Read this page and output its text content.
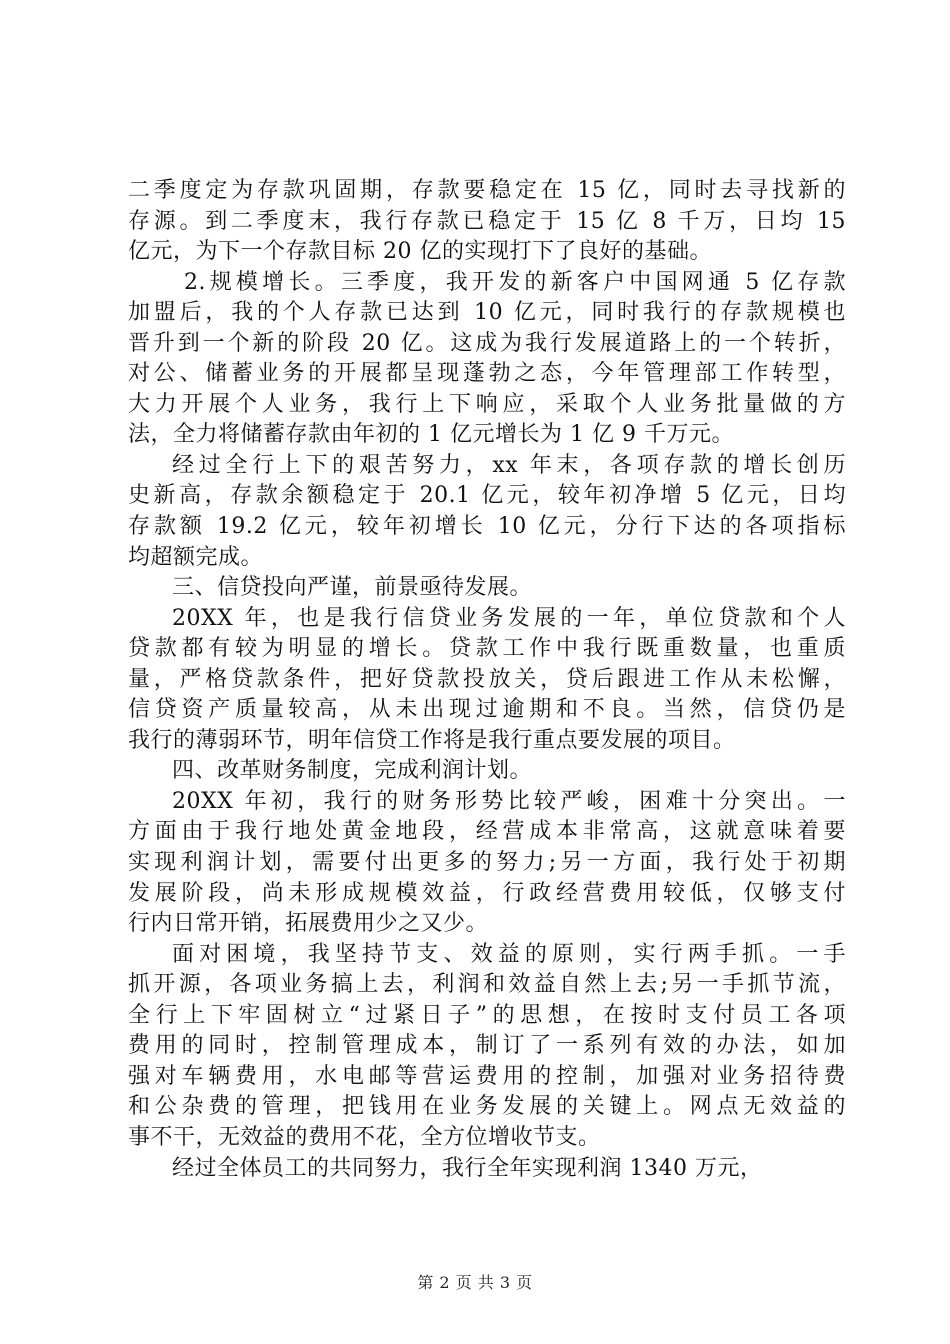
二季度定为存款巩固期，存款要稳定在 15 亿，同时去寻找新的
存源。到二季度末，我行存款已稳定于 15 亿 8 千万，日均 15
亿元，为下一个存款目标 20 亿的实现打下了良好的基础。
2.规模增长。三季度，我开发的新客户中国网通 5 亿存款
加盟后，我的个人存款已达到 10 亿元，同时我行的存款规模也
晋升到一个新的阶段 20 亿。这成为我行发展道路上的一个转折，
对公、储蓄业务的开展都呈现蓬勃之态，今年管理部工作转型，
大力开展个人业务，我行上下响应，采取个人业务批量做的方
法，全力将储蓄存款由年初的 1 亿元增长为 1 亿 9 千万元。
经过全行上下的艰苦努力，xx 年末，各项存款的增长创历
史新高，存款余额稳定于 20.1 亿元，较年初净增 5 亿元，日均
存款额 19.2 亿元，较年初增长 10 亿元，分行下达的各项指标
均超额完成。
三、信贷投向严谨，前景亟待发展。
20XX 年，也是我行信贷业务发展的一年，单位贷款和个人
贷款都有较为明显的增长。贷款工作中我行既重数量，也重质
量，严格贷款条件，把好贷款投放关，贷后跟进工作从未松懈，
信贷资产质量较高，从未出现过逾期和不良。当然，信贷仍是
我行的薄弱环节，明年信贷工作将是我行重点要发展的项目。
四、改革财务制度，完成利润计划。
20XX 年初，我行的财务形势比较严峻，困难十分突出。一
方面由于我行地处黄金地段，经营成本非常高，这就意味着要
实现利润计划，需要付出更多的努力;另一方面，我行处于初期
发展阶段，尚未形成规模效益，行政经营费用较低，仅够支付
行内日常开销，拓展费用少之又少。
面对困境，我坚持节支、效益的原则，实行两手抓。一手
抓开源，各项业务搞上去，利润和效益自然上去;另一手抓节流，
全行上下牢固树立“过紧日子”的思想，在按时支付员工各项
费用的同时，控制管理成本，制订了一系列有效的办法，如加
强对车辆费用，水电邮等营运费用的控制，加强对业务招待费
和公杂费的管理，把钱用在业务发展的关键上。网点无效益的
事不干，无效益的费用不花，全方位增收节支。
经过全体员工的共同努力，我行全年实现利润 1340 万元，
第 2 页 共 3 页
